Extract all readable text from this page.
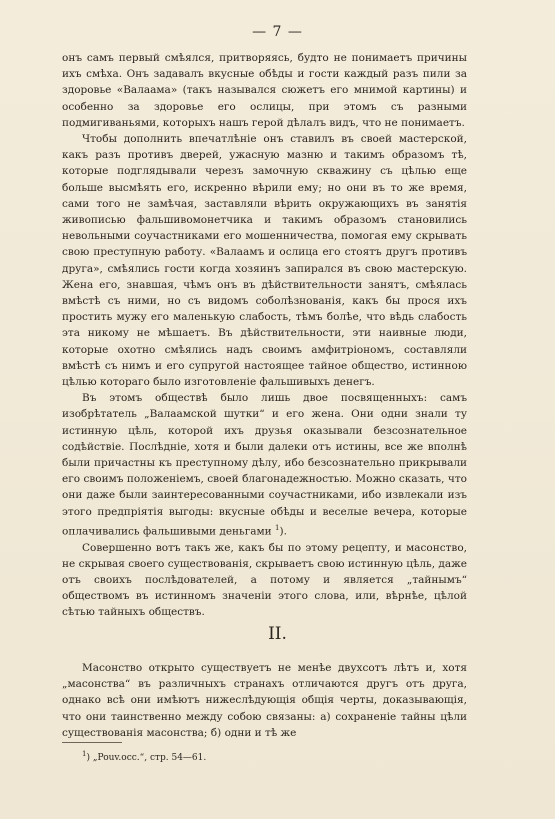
— 7 —

онъ самъ первый смѣялся, притворяясь, будто не понимаетъ причины ихъ смѣха. Онъ задавалъ вкусные обѣды и гости каждый разъ пили за здоровье «Валаама» (такъ назывался сюжетъ его мнимой картины) и особенно за здоровье его ослицы, при этомъ съ разными подмигиваньями, которыхъ нашъ герой дѣлалъ видъ, что не понимаетъ.

Чтобы дополнить впечатлѣніе онъ ставилъ въ своей мастерской, какъ разъ противъ дверей, ужасную мазню и такимъ образомъ тѣ, которые подглядывали черезъ замочную скважину съ цѣлью еще больше высмѣять его, искренно вѣрили ему; но они въ то же время, сами того не замѣчая, заставляли вѣрить окружающихъ въ занятія живописью фальшивомонетчика и такимъ образомъ становились невольными соучастниками его мошенничества, помогая ему скрывать свою преступную работу. «Валаамъ и ослица его стоятъ другъ противъ друга», смѣялись гости когда хозяинъ запирался въ свою мастерскую. Жена его, знавшая, чѣмъ онъ въ дѣйствительности занятъ, смѣялась вмѣстѣ съ ними, но съ видомъ соболѣзнованія, какъ бы прося ихъ простить мужу его маленькую слабость, тѣмъ болѣе, что вѣдь слабость эта никому не мѣшаетъ. Въ дѣйствительности, эти наивные люди, которые охотно смѣялись надъ своимъ амфитріономъ, составляли вмѣстѣ съ нимъ и его супругой настоящее тайное общество, истинною цѣлью котораго было изготовленіе фальшивыхъ денегъ.

Въ этомъ обществѣ было лишь двое посвященныхъ: самъ изобрѣтатель „Валаамской шутки“ и его жена. Они одни знали ту истинную цѣль, которой ихъ друзья оказывали безсознательное содѣйствіе. Послѣдніе, хотя и были далеки отъ истины, все же вполнѣ были причастны къ преступному дѣлу, ибо безсознательно прикрывали его своимъ положеніемъ, своей благонадежностью. Можно сказать, что они даже были заинтересованными соучастниками, ибо извлекали изъ этого предпріятія выгоды: вкусные обѣды и веселые вечера, которые оплачивались фальшивыми деньгами $^1$).

Совершенно вотъ такъ же, какъ бы по этому рецепту, и масонство, не скрывая своего существованія, скрываетъ свою истинную цѣль, даже отъ своихъ послѣдователей, а потому и является „тайнымъ“ обществомъ въ истинномъ значеніи этого слова, или, вѣрнѣе, цѣлой сѣтью тайныхъ обществъ.

II.

Масонство открыто существуетъ не менѣе двухсотъ лѣтъ и, хотя „масонства“ въ различныхъ странахъ отличаются другъ отъ друга, однако всѣ они имѣютъ нижеслѣдующія общія черты, доказывающія, что они таинственно между собою связаны: а) сохраненіе тайны цѣли существованія масонства; б) одни и тѣ же

$^1$) „Pouv.occ.“, стр. 54—61.
